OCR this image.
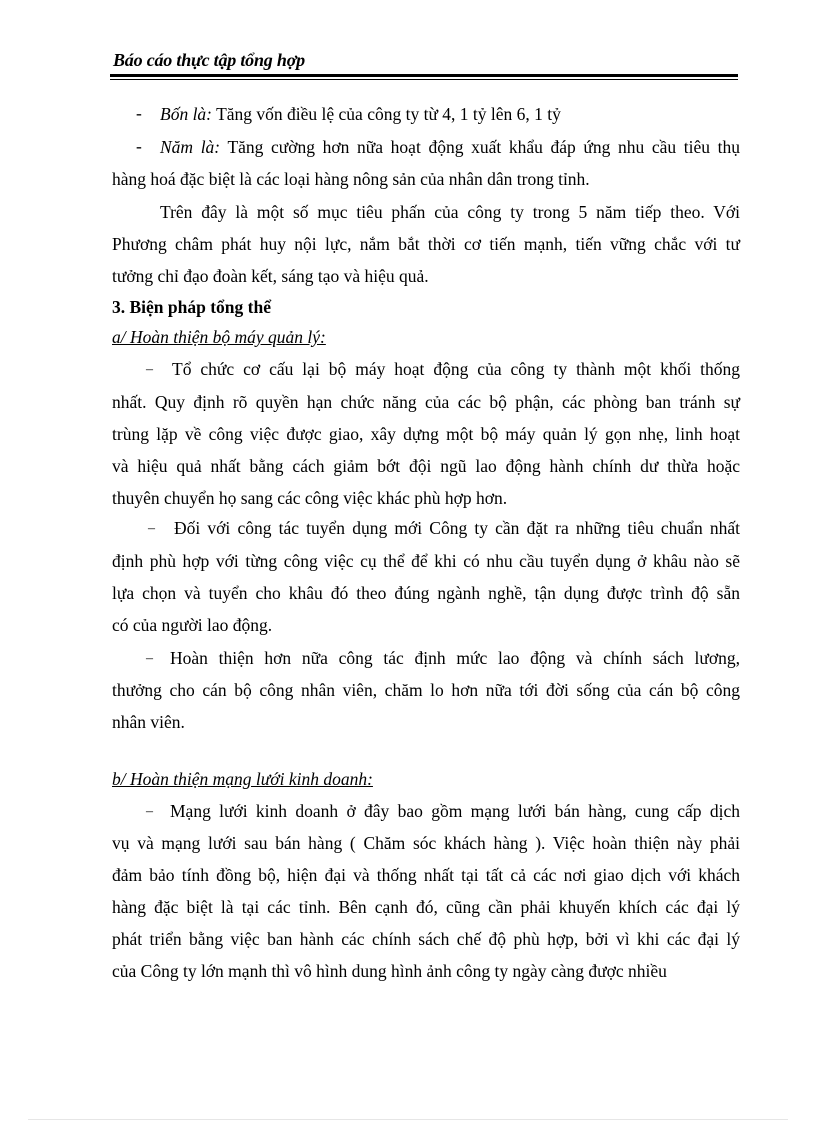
Báo cáo thực tập tổng hợp
- Bốn là: Tăng vốn điều lệ của công ty từ 4, 1 tỷ lên 6, 1 tỷ
- Năm là: Tăng cường hơn nữa hoạt động xuất khẩu đáp ứng nhu cầu tiêu thụ
hàng hoá đặc biệt là các loại hàng nông sản của nhân dân trong tỉnh.
Trên đây là một số mục tiêu phấn của công ty trong 5 năm tiếp theo. Với
Phương châm phát huy nội lực, nắm bắt thời cơ tiến mạnh, tiến vững chắc với tư
tưởng chỉ đạo đoàn kết, sáng tạo và hiệu quả.
3. Biện pháp tổng thể
a/ Hoàn thiện bộ máy quản lý:
– Tổ chức cơ cấu lại bộ máy hoạt động của công ty thành một khối thống
nhất. Quy định rõ quyền hạn chức năng của các bộ phận, các phòng ban tránh sự
trùng lặp về công việc được giao, xây dựng một bộ máy quản lý gọn nhẹ, linh hoạt
và hiệu quả nhất bằng cách giảm bớt đội ngũ lao động hành chính dư thừa hoặc
thuyên chuyển họ sang các công việc khác phù hợp hơn.
– Đối với công tác tuyển dụng mới Công ty cần đặt ra những tiêu chuẩn nhất
định phù hợp với từng công việc cụ thể để khi có nhu cầu tuyển dụng ở khâu nào sẽ
lựa chọn và tuyển cho khâu đó theo đúng ngành nghề, tận dụng được trình độ sẵn
có của người lao động.
– Hoàn thiện hơn nữa công tác định mức lao động và chính sách lương,
thưởng cho cán bộ công nhân viên, chăm lo hơn nữa tới đời sống của cán bộ công
nhân viên.
b/ Hoàn thiện mạng lưới kinh doanh:
– Mạng lưới kinh doanh ở đây bao gồm mạng lưới bán hàng, cung cấp dịch
vụ và mạng lưới sau bán hàng ( Chăm sóc khách hàng ). Việc hoàn thiện này phải
đảm bảo tính đồng bộ, hiện đại và thống nhất tại tất cả các nơi giao dịch với khách
hàng đặc biệt là tại các tỉnh. Bên cạnh đó, cũng cần phải khuyến khích các đại lý
phát triển bằng việc ban hành các chính sách chế độ phù hợp, bởi vì khi các đại lý
của Công ty lớn mạnh thì vô hình dung hình ảnh công ty ngày càng được nhiều
